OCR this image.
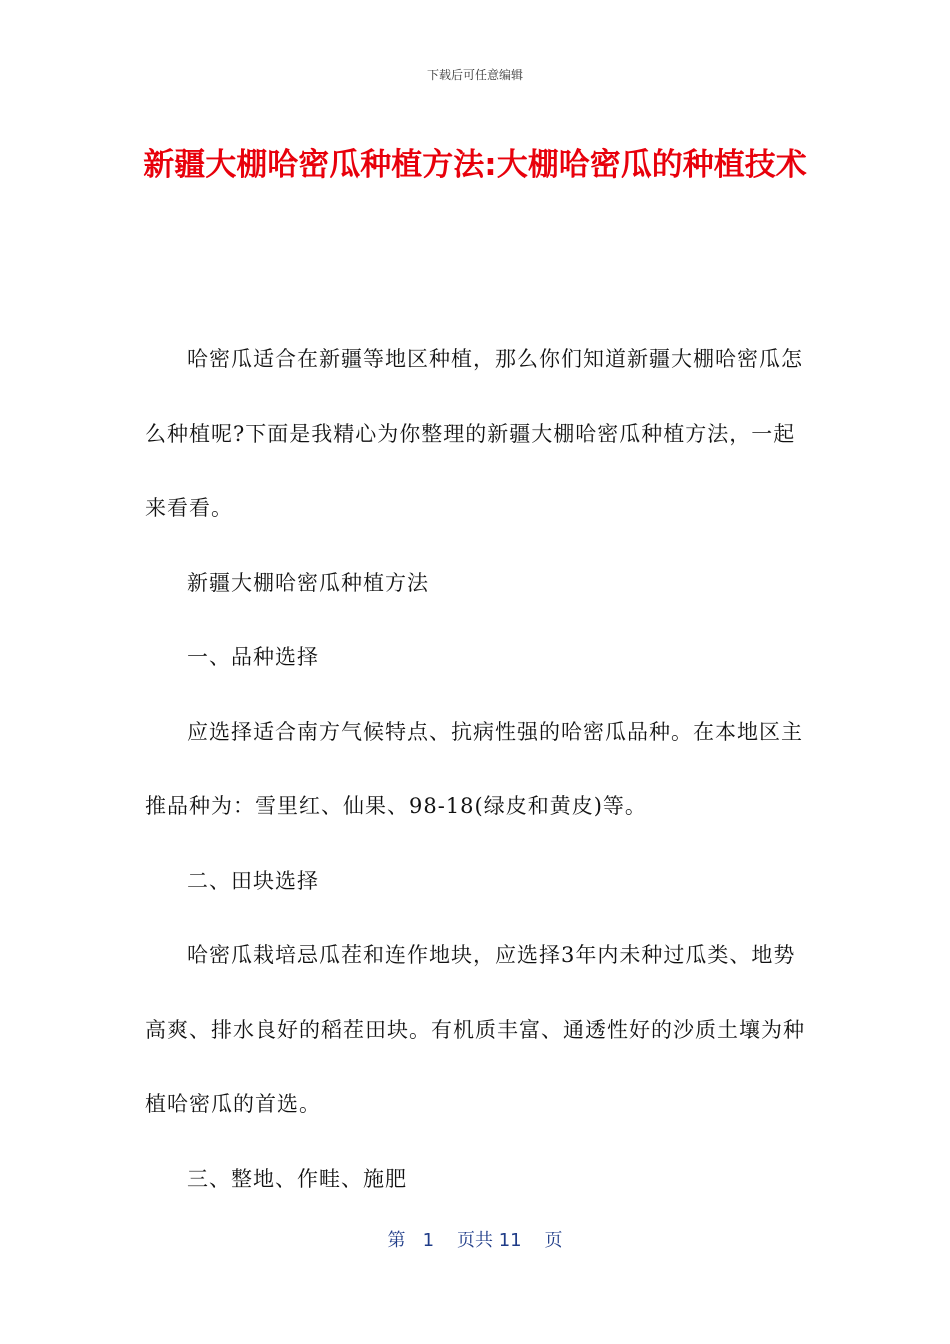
下载后可任意编辑
新疆大棚哈密瓜种植方法:大棚哈密瓜的种植技术

哈密瓜适合在新疆等地区种植，那么你们知道新疆大棚哈密瓜怎么种植呢?下面是我精心为你整理的新疆大棚哈密瓜种植方法，一起来看看。

新疆大棚哈密瓜种植方法

一、品种选择

应选择适合南方气候特点、抗病性强的哈密瓜品种。在本地区主推品种为：雪里红、仙果、98-18(绿皮和黄皮)等。

二、田块选择

哈密瓜栽培忌瓜茬和连作地块，应选择3年内未种过瓜类、地势高爽、排水良好的稻茬田块。有机质丰富、通透性好的沙质土壤为种植哈密瓜的首选。

三、整地、作畦、施肥

第 1 页共 11 页
